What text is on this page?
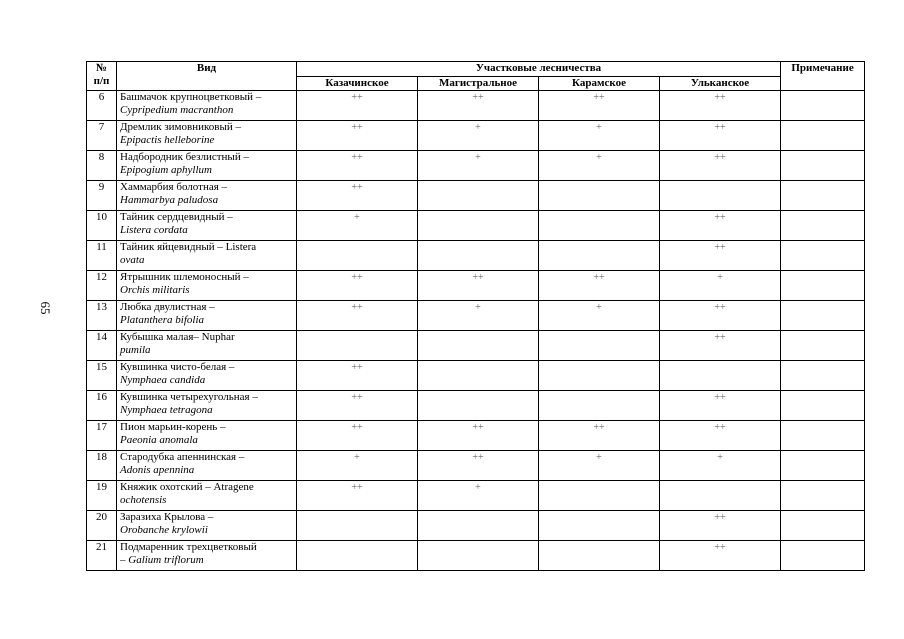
65
№
п/п	Вид	Участковые лесничества				Примечание
		Казачинское	Магистральное	Карамское	Ульканское	
6	Башмачок крупноцветковый –
Cypripedium macranthon	++	++	++	++	
7	Дремлик зимовниковый –
Epipactis helleborine	++	+	+	++	
8	Надбородник безлистный –
Epipogium aphyllum	++	+	+	++	
9	Хаммарбия болотная –
Hammarbya paludosa	++				
10	Тайник сердцевидный –
Listera cordata	+			++	
11	Тайник яйцевидный – Listera
ovata				++	
12	Ятрышник шлемоносный –
Orchis militaris	++	++	++	+	
13	Любка двулистная –
Platanthera bifolia	++	+	+	++	
14	Кубышка малая– Nuphar
pumila				++	
15	Кувшинка чисто-белая –
Nymphaea candida	++				
16	Кувшинка четырехугольная –
Nymphaea tetragona	++			++	
17	Пион марьин-корень –
Paeonia anomala	++	++	++	++	
18	Стародубка апеннинская –
Adonis apennina	+	++	+	+	
19	Княжик охотский – Atragene
ochotensis	++	+			
20	Заразиха Крылова –
Orobanche krylowii				++	
21	Подмаренник трехцветковый
– Galium triflorum				++	
